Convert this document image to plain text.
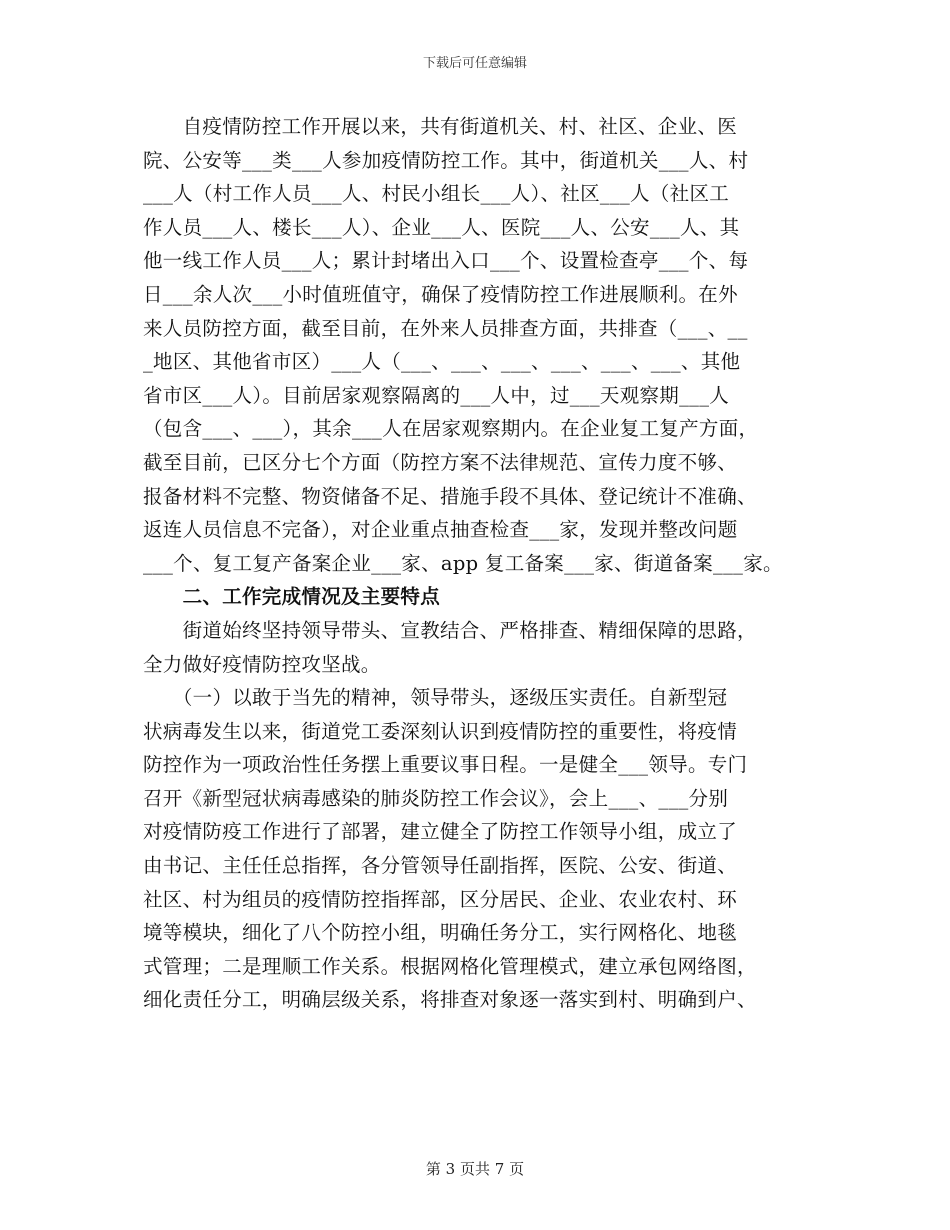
下载后可任意编辑
　　自疫情防控工作开展以来，共有街道机关、村、社区、企业、医
院、公安等___类___人参加疫情防控工作。其中，街道机关___人、村
___人（村工作人员___人、村民小组长___人）、社区___人（社区工
作人员___人、楼长___人）、企业___人、医院___人、公安___人、其
他一线工作人员___人；累计封堵出入口___个、设置检查亭___个、每
日___余人次___小时值班值守，确保了疫情防控工作进展顺利。在外
来人员防控方面，截至目前，在外来人员排查方面，共排查（___、__
_地区、其他省市区）___人（___、___、___、___、___、___、其他
省市区___人）。目前居家观察隔离的___人中，过___天观察期___人
（包含___、___），其余___人在居家观察期内。在企业复工复产方面，
截至目前，已区分七个方面（防控方案不法律规范、宣传力度不够、
报备材料不完整、物资储备不足、措施手段不具体、登记统计不准确、
返连人员信息不完备），对企业重点抽查检查___家，发现并整改问题
___个、复工复产备案企业___家、app 复工备案___家、街道备案___家。
　　二、工作完成情况及主要特点
　　街道始终坚持领导带头、宣教结合、严格排查、精细保障的思路，
全力做好疫情防控攻坚战。
　　（一）以敢于当先的精神，领导带头，逐级压实责任。自新型冠
状病毒发生以来，街道党工委深刻认识到疫情防控的重要性，将疫情
防控作为一项政治性任务摆上重要议事日程。一是健全___领导。专门
召开《新型冠状病毒感染的肺炎防控工作会议》，会上___、___分别
对疫情防疫工作进行了部署，建立健全了防控工作领导小组，成立了
由书记、主任任总指挥，各分管领导任副指挥，医院、公安、街道、
社区、村为组员的疫情防控指挥部，区分居民、企业、农业农村、环
境等模块，细化了八个防控小组，明确任务分工，实行网格化、地毯
式管理；二是理顺工作关系。根据网格化管理模式，建立承包网络图，
细化责任分工，明确层级关系，将排查对象逐一落实到村、明确到户、
第 3 页共 7 页
